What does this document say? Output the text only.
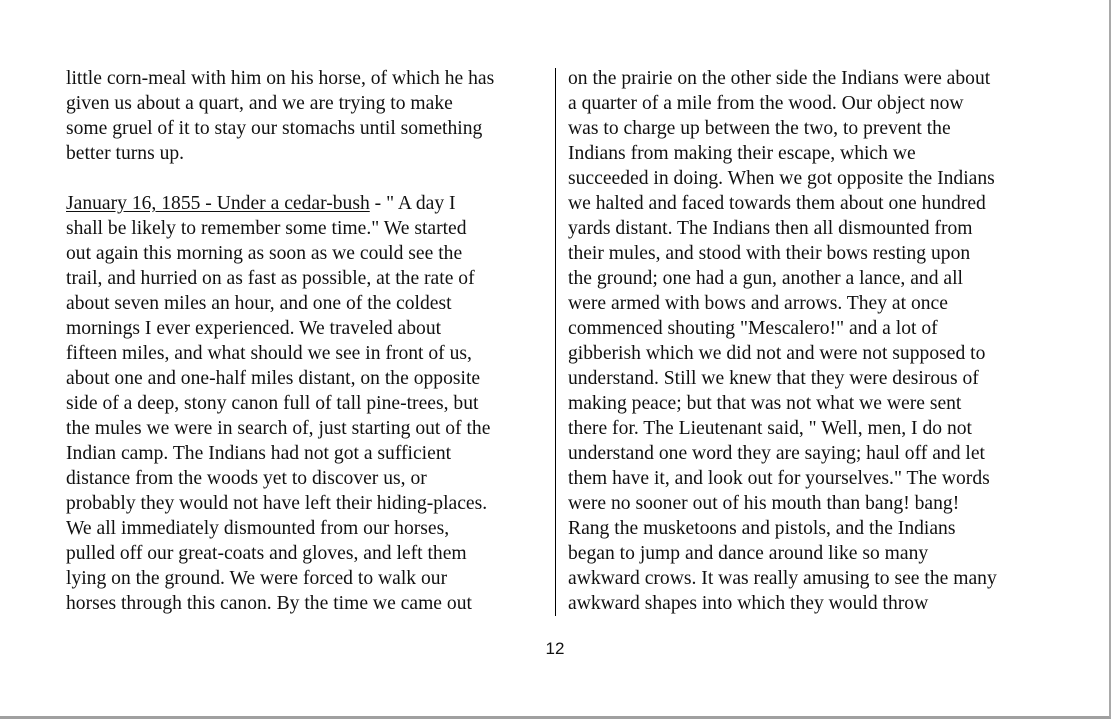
little corn-meal with him on his horse, of which he has
given us about a quart, and we are trying to make
some gruel of it to stay our stomachs until something
better turns up.
January 16, 1855 - Under a cedar-bush - " A day I
shall be likely to remember some time." We started
out again this morning as soon as we could see the
trail, and hurried on as fast as possible, at the rate of
about seven miles an hour, and one of the coldest
mornings I ever experienced. We traveled about
fifteen miles, and what should we see in front of us,
about one and one-half miles distant, on the opposite
side of a deep, stony canon full of tall pine-trees, but
the mules we were in search of, just starting out of the
Indian camp. The Indians had not got a sufficient
distance from the woods yet to discover us, or
probably they would not have left their hiding-places.
We all immediately dismounted from our horses,
pulled off our great-coats and gloves, and left them
lying on the ground. We were forced to walk our
horses through this canon. By the time we came out
on the prairie on the other side the Indians were about
a quarter of a mile from the wood. Our object now
was to charge up between the two, to prevent the
Indians from making their escape, which we
succeeded in doing. When we got opposite the Indians
we halted and faced towards them about one hundred
yards distant. The Indians then all dismounted from
their mules, and stood with their bows resting upon
the ground; one had a gun, another a lance, and all
were armed with bows and arrows. They at once
commenced shouting "Mescalero!" and a lot of
gibberish which we did not and were not supposed to
understand. Still we knew that they were desirous of
making peace; but that was not what we were sent
there for. The Lieutenant said, " Well, men, I do not
understand one word they are saying; haul off and let
them have it, and look out for yourselves." The words
were no sooner out of his mouth than bang! bang!
Rang the musketoons and pistols, and the Indians
began to jump and dance around like so many
awkward crows. It was really amusing to see the many
awkward shapes into which they would throw
12
